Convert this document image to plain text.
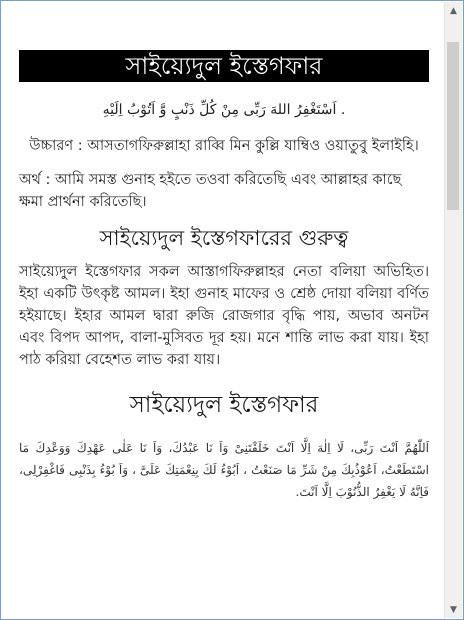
সাইয়্যেদুল ইস্তেগফার
. اَسْتَغْفِرُ اللهَ رَبِّى مِنْ كُلِّ ذَنْبٍ وَّ اَتُوْبُ اِلَيْهِ
উচ্চারণ : আসতাগফিরুল্লাহা রাব্বি মিন কুল্লি যাম্বিও ওয়াতুবু ইলাইহি।
অর্থ : আমি সমস্ত গুনাহ হইতে তওবা করিতেছি এবং আল্লাহর কাছে ক্ষমা প্রার্থনা করিতেছি।
সাইয়্যেদুল ইস্তেগফারের গুরুত্ব
সাইয়্যেদুল ইস্তেগফার সকল আস্তাগফিরুল্লাহর নেতা বলিয়া অভিহিত। ইহা একটি উৎকৃষ্ট আমল। ইহা গুনাহ মাফের ও শ্রেষ্ঠ দোয়া বলিয়া বর্ণিত হইয়াছে। ইহার আমল দ্বারা রুজি রোজগার বৃদ্ধি পায়, অভাব অনটন এবং বিপদ আপদ, বালা-মুসিবত দূর হয়। মনে শান্তি লাভ করা যায়। ইহা পাঠ করিয়া বেহেশত লাভ করা যায়।
সাইয়্যেদুল ইস্তেগফার
اَللّٰهُمَّ اَنْتَ رَبِّى، لَا اِلٰهَ اِلَّا اَنْتَ خَلَقْتَنِىْ وَاَ نَا عَبْدُكَ، وَاَ نَا عَلٰى عَهْدِكَ وَوَعْدِكَ مَا اسْتَطَعْتُ، اَعُوْذُبِكَ مِنْ شَرِّ مَا صَنَعْتُ ، اَبُوْءُ لَكَ بِنِعْمَتِكَ عَلَىَّ ، وَاَ بُوْءُ بِذَنْبِى فَاغْفِرْلِى، فَاِنَّهُ لَا يَغْفِرُ الذُّنُوْبَ اِلَّا اَنْتَ.
▲
▼
